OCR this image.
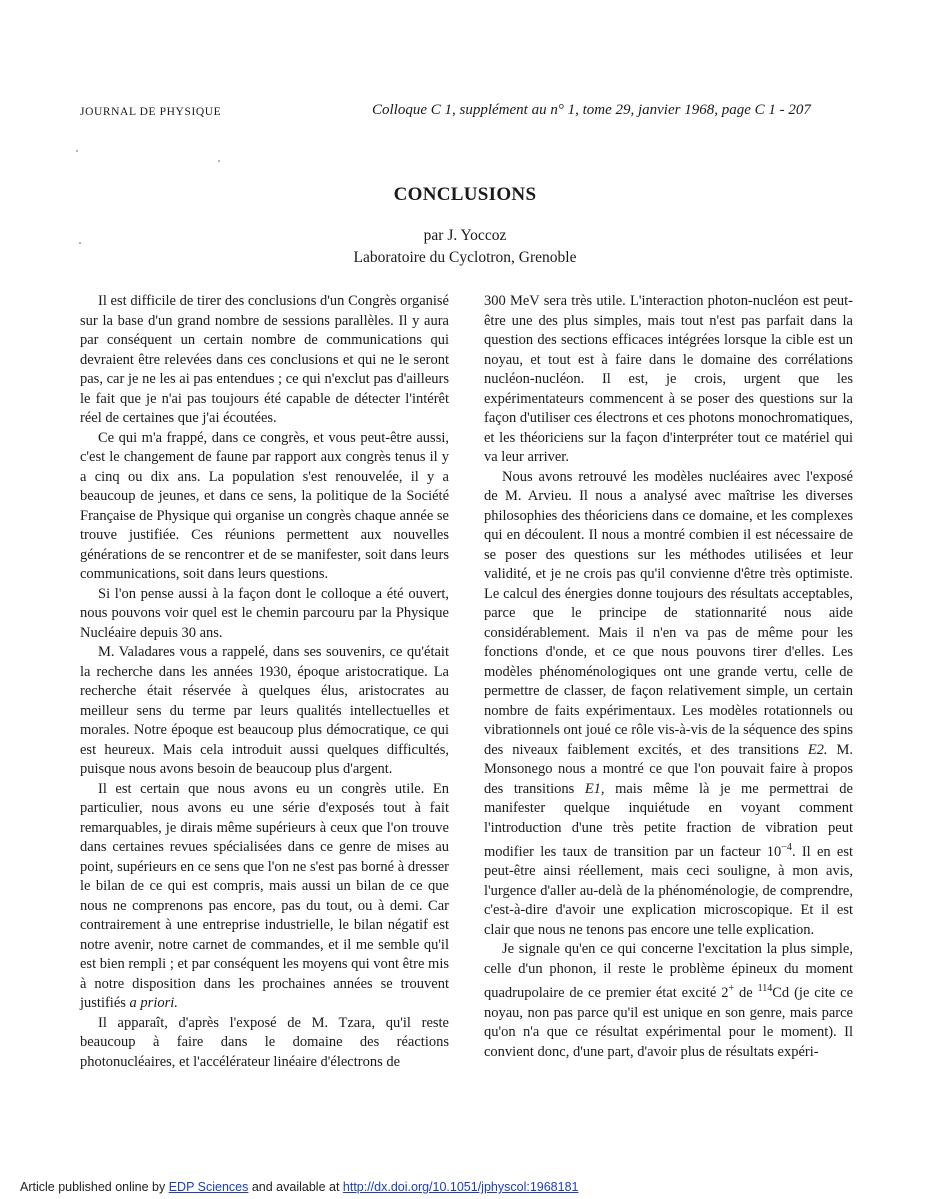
JOURNAL DE PHYSIQUE	Colloque C 1, supplément au n° 1, tome 29, janvier 1968, page C 1 - 207
CONCLUSIONS
par J. Yoccoz
Laboratoire du Cyclotron, Grenoble

Il est difficile de tirer des conclusions d'un Congrès organisé sur la base d'un grand nombre de sessions parallèles. Il y aura par conséquent un certain nombre de communications qui devraient être relevées dans ces conclusions et qui ne le seront pas, car je ne les ai pas entendues ; ce qui n'exclut pas d'ailleurs le fait que je n'ai pas toujours été capable de détecter l'intérêt réel de certaines que j'ai écoutées.

Ce qui m'a frappé, dans ce congrès, et vous peut-être aussi, c'est le changement de faune par rapport aux congrès tenus il y a cinq ou dix ans. La population s'est renouvelée, il y a beaucoup de jeunes, et dans ce sens, la politique de la Société Française de Physique qui organise un congrès chaque année se trouve justifiée. Ces réunions permettent aux nouvelles générations de se rencontrer et de se manifester, soit dans leurs communications, soit dans leurs questions.

Si l'on pense aussi à la façon dont le colloque a été ouvert, nous pouvons voir quel est le chemin parcouru par la Physique Nucléaire depuis 30 ans.

M. Valadares vous a rappelé, dans ses souvenirs, ce qu'était la recherche dans les années 1930, époque aristocratique. La recherche était réservée à quelques élus, aristocrates au meilleur sens du terme par leurs qualités intellectuelles et morales. Notre époque est beaucoup plus démocratique, ce qui est heureux. Mais cela introduit aussi quelques difficultés, puisque nous avons besoin de beaucoup plus d'argent.

Il est certain que nous avons eu un congrès utile. En particulier, nous avons eu une série d'exposés tout à fait remarquables, je dirais même supérieurs à ceux que l'on trouve dans certaines revues spécialisées dans ce genre de mises au point, supérieurs en ce sens que l'on ne s'est pas borné à dresser le bilan de ce qui est compris, mais aussi un bilan de ce que nous ne comprenons pas encore, pas du tout, ou à demi. Car contrairement à une entreprise industrielle, le bilan négatif est notre avenir, notre carnet de commandes, et il me semble qu'il est bien rempli ; et par conséquent les moyens qui vont être mis à notre disposition dans les prochaines années se trouvent justifiés a priori.

Il apparaît, d'après l'exposé de M. Tzara, qu'il reste beaucoup à faire dans le domaine des réactions photonucléaires, et l'accélérateur linéaire d'électrons de

300 MeV sera très utile. L'interaction photon-nucléon est peut-être une des plus simples, mais tout n'est pas parfait dans la question des sections efficaces intégrées lorsque la cible est un noyau, et tout est à faire dans le domaine des corrélations nucléon-nucléon. Il est, je crois, urgent que les expérimentateurs commencent à se poser des questions sur la façon d'utiliser ces électrons et ces photons monochromatiques, et les théoriciens sur la façon d'interpréter tout ce matériel qui va leur arriver.

Nous avons retrouvé les modèles nucléaires avec l'exposé de M. Arvieu. Il nous a analysé avec maîtrise les diverses philosophies des théoriciens dans ce domaine, et les complexes qui en découlent. Il nous a montré combien il est nécessaire de se poser des questions sur les méthodes utilisées et leur validité, et je ne crois pas qu'il convienne d'être très optimiste. Le calcul des énergies donne toujours des résultats acceptables, parce que le principe de stationnarité nous aide considérablement. Mais il n'en va pas de même pour les fonctions d'onde, et ce que nous pouvons tirer d'elles. Les modèles phénoménologiques ont une grande vertu, celle de permettre de classer, de façon relativement simple, un certain nombre de faits expérimentaux. Les modèles rotationnels ou vibrationnels ont joué ce rôle vis-à-vis de la séquence des spins des niveaux faiblement excités, et des transitions E2. M. Monsonego nous a montré ce que l'on pouvait faire à propos des transitions E1, mais même là je me permettrai de manifester quelque inquiétude en voyant comment l'introduction d'une très petite fraction de vibration peut modifier les taux de transition par un facteur $10^{-4}$. Il en est peut-être ainsi réellement, mais ceci souligne, à mon avis, l'urgence d'aller au-delà de la phénoménologie, de comprendre, c'est-à-dire d'avoir une explication microscopique. Et il est clair que nous ne tenons pas encore une telle explication.

Je signale qu'en ce qui concerne l'excitation la plus simple, celle d'un phonon, il reste le problème épineux du moment quadrupolaire de ce premier état excité 2+ de $^{114}$Cd (je cite ce noyau, non pas parce qu'il est unique en son genre, mais parce qu'on n'a que ce résultat expérimental pour le moment). Il convient donc, d'une part, d'avoir plus de résultats expéri-

Article published online by EDP Sciences and available at http://dx.doi.org/10.1051/jphyscol:1968181
